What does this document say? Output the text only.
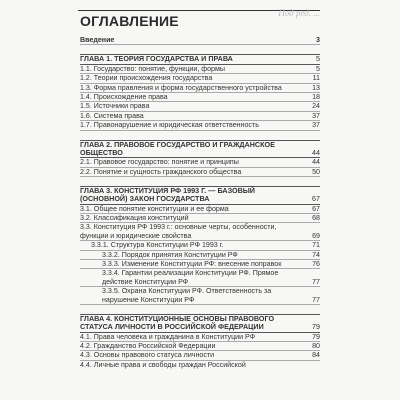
Под ред. ...
ОГЛАВЛЕНИЕ
Введение	3
ГЛАВА 1. ТЕОРИЯ ГОСУДАРСТВА И ПРАВА	5
1.1. Государство: понятие, функции, формы	5
1.2. Теории происхождения государства	11
1.3. Форма правления и форма государственного устройства	13
1.4. Происхождение права	18
1.5. Источники права	24
1.6. Система права	37
1.7. Правонарушение и юридическая ответственность	37
ГЛАВА 2. ПРАВОВОЕ ГОСУДАРСТВО И ГРАЖДАНСКОЕ ОБЩЕСТВО	44
2.1. Правовое государство: понятие и принципы	44
2.2. Понятие и сущность гражданского общества	50
ГЛАВА 3. КОНСТИТУЦИЯ РФ 1993 Г. — БАЗОВЫЙ (ОСНОВНОЙ) ЗАКОН ГОСУДАРСТВА	67
3.1. Общее понятие конституции и ее форма	67
3.2. Классификация конституций	68
3.3. Конституция РФ 1993 г.: основные черты, особенности, функции и юридические свойства	69
3.3.1. Структура Конституции РФ 1993 г.	71
3.3.2. Порядок принятия Конституции РФ	74
3.3.3. Изменение Конституции РФ: внесение поправок	76
3.3.4. Гарантии реализации Конституции РФ. Прямое действие Конституции РФ	77
3.3.5. Охрана Конституции РФ. Ответственность за нарушение Конституции РФ	77
ГЛАВА 4. КОНСТИТУЦИОННЫЕ ОСНОВЫ ПРАВОВОГО СТАТУСА ЛИЧНОСТИ В РОССИЙСКОЙ ФЕДЕРАЦИИ	79
4.1. Права человека и гражданина в Конституции РФ	79
4.2. Гражданство Российской Федерации	80
4.3. Основы правового статуса личности	84
4.4. Личные права и свободы граждан Российской
